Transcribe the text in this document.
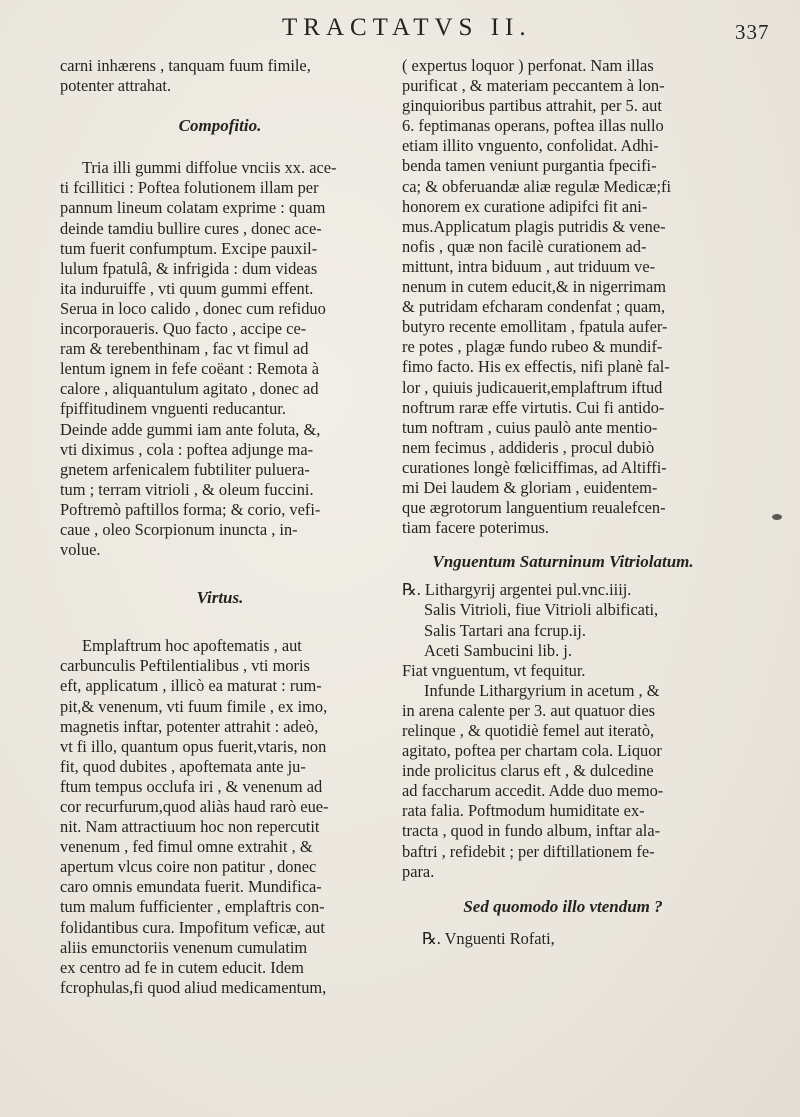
TRACTATVS II.	337
carni inhærens , tanquam fuum fimile,
potenter attrahat.
Compofitio.
Tria illi gummi diffolue vnciis xx. ace-
ti fcillitici : Poftea folutionem illam per
pannum lineum colatam exprime : quam
deinde tamdiu bullire cures , donec ace-
tum fuerit confumptum. Excipe pauxil-
lulum fpatulâ, & infrigida : dum videas
ita induruiffe , vti quum gummi effent.
Serua in loco calido , donec cum refiduo
incorporaueris. Quo facto , accipe ce-
ram & terebenthinam , fac vt fimul ad
lentum ignem in fefe coëant : Remota à
calore , aliquantulum agitato , donec ad
fpiffitudinem vnguenti reducantur.
Deinde adde gummi iam ante foluta, &,
vti diximus , cola : poftea adjunge ma-
gnetem arfenicalem fubtiliter puluera-
tum ; terram vitrioli , & oleum fuccini.
Poftremò paftillos forma; & corio, vefi-
caue , oleo Scorpionum inuncta , in-
volue.
Virtus.
Emplaftrum hoc apoftematis , aut
carbunculis Peftilentialibus , vti moris
eft, applicatum , illicò ea maturat : rum-
pit,& venenum, vti fuum fimile , ex imo,
magnetis inftar, potenter attrahit : adeò,
vt fi illo, quantum opus fuerit,vtaris, non
fit, quod dubites , apoftemata ante ju-
ftum tempus occlufa iri , & venenum ad
cor recurfurum,quod aliàs haud rarò eue-
nit. Nam attractiuum hoc non repercutit
venenum , fed fimul omne extrahit , &
apertum vlcus coire non patitur , donec
caro omnis emundata fuerit. Mundifica-
tum malum fufficienter , emplaftris con-
folidantibus cura. Impofitum veficæ, aut
aliis emunctoriis venenum cumulatim
ex centro ad fe in cutem educit. Idem
fcrophulas,fi quod aliud medicamentum,
( expertus loquor ) perfonat. Nam illas
purificat , & materiam peccantem à lon-
ginquioribus partibus attrahit, per 5. aut
6. feptimanas operans, poftea illas nullo
etiam illito vnguento, confolidat. Adhi-
benda tamen veniunt purgantia fpecifi-
ca; & obferuandæ aliæ regulæ Medicæ;fi
honorem ex curatione adipifci fit ani-
mus.Applicatum plagis putridis & vene-
nofis , quæ non facilè curationem ad-
mittunt, intra biduum , aut triduum ve-
nenum in cutem educit,& in nigerrimam
& putridam efcharam condenfat ; quam,
butyro recente emollitam , fpatula aufer-
re potes , plagæ fundo rubeo & mundif-
fimo facto. His ex effectis, nifi planè fal-
lor , quiuis judicauerit,emplaftrum iftud
noftrum raræ effe virtutis. Cui fi antido-
tum noftram , cuius paulò ante mentio-
nem fecimus , addideris , procul dubiò
curationes longè fœliciffimas, ad Altiffi-
mi Dei laudem & gloriam , euidentem-
que ægrotorum languentium reualefcen-
tiam facere poterimus.
Vnguentum Saturninum Vitriolatum.
℞. Lithargyrij argentei pul.vnc.iiij.
Salis Vitrioli, fiue Vitrioli albificati,
Salis Tartari ana fcrup.ij.
Aceti Sambucini lib. j.
Fiat vnguentum, vt fequitur.
Infunde Lithargyrium in acetum , &
in arena calente per 3. aut quatuor dies
relinque , & quotidiè femel aut iteratò,
agitato, poftea per chartam cola. Liquor
inde prolicitus clarus eft , & dulcedine
ad faccharum accedit. Adde duo memo-
rata falia. Poftmodum humiditate ex-
tracta , quod in fundo album, inftar ala-
baftri , refidebit ; per diftillationem fe-
para.
Sed quomodo illo vtendum ?
℞. Vnguenti Rofati,
